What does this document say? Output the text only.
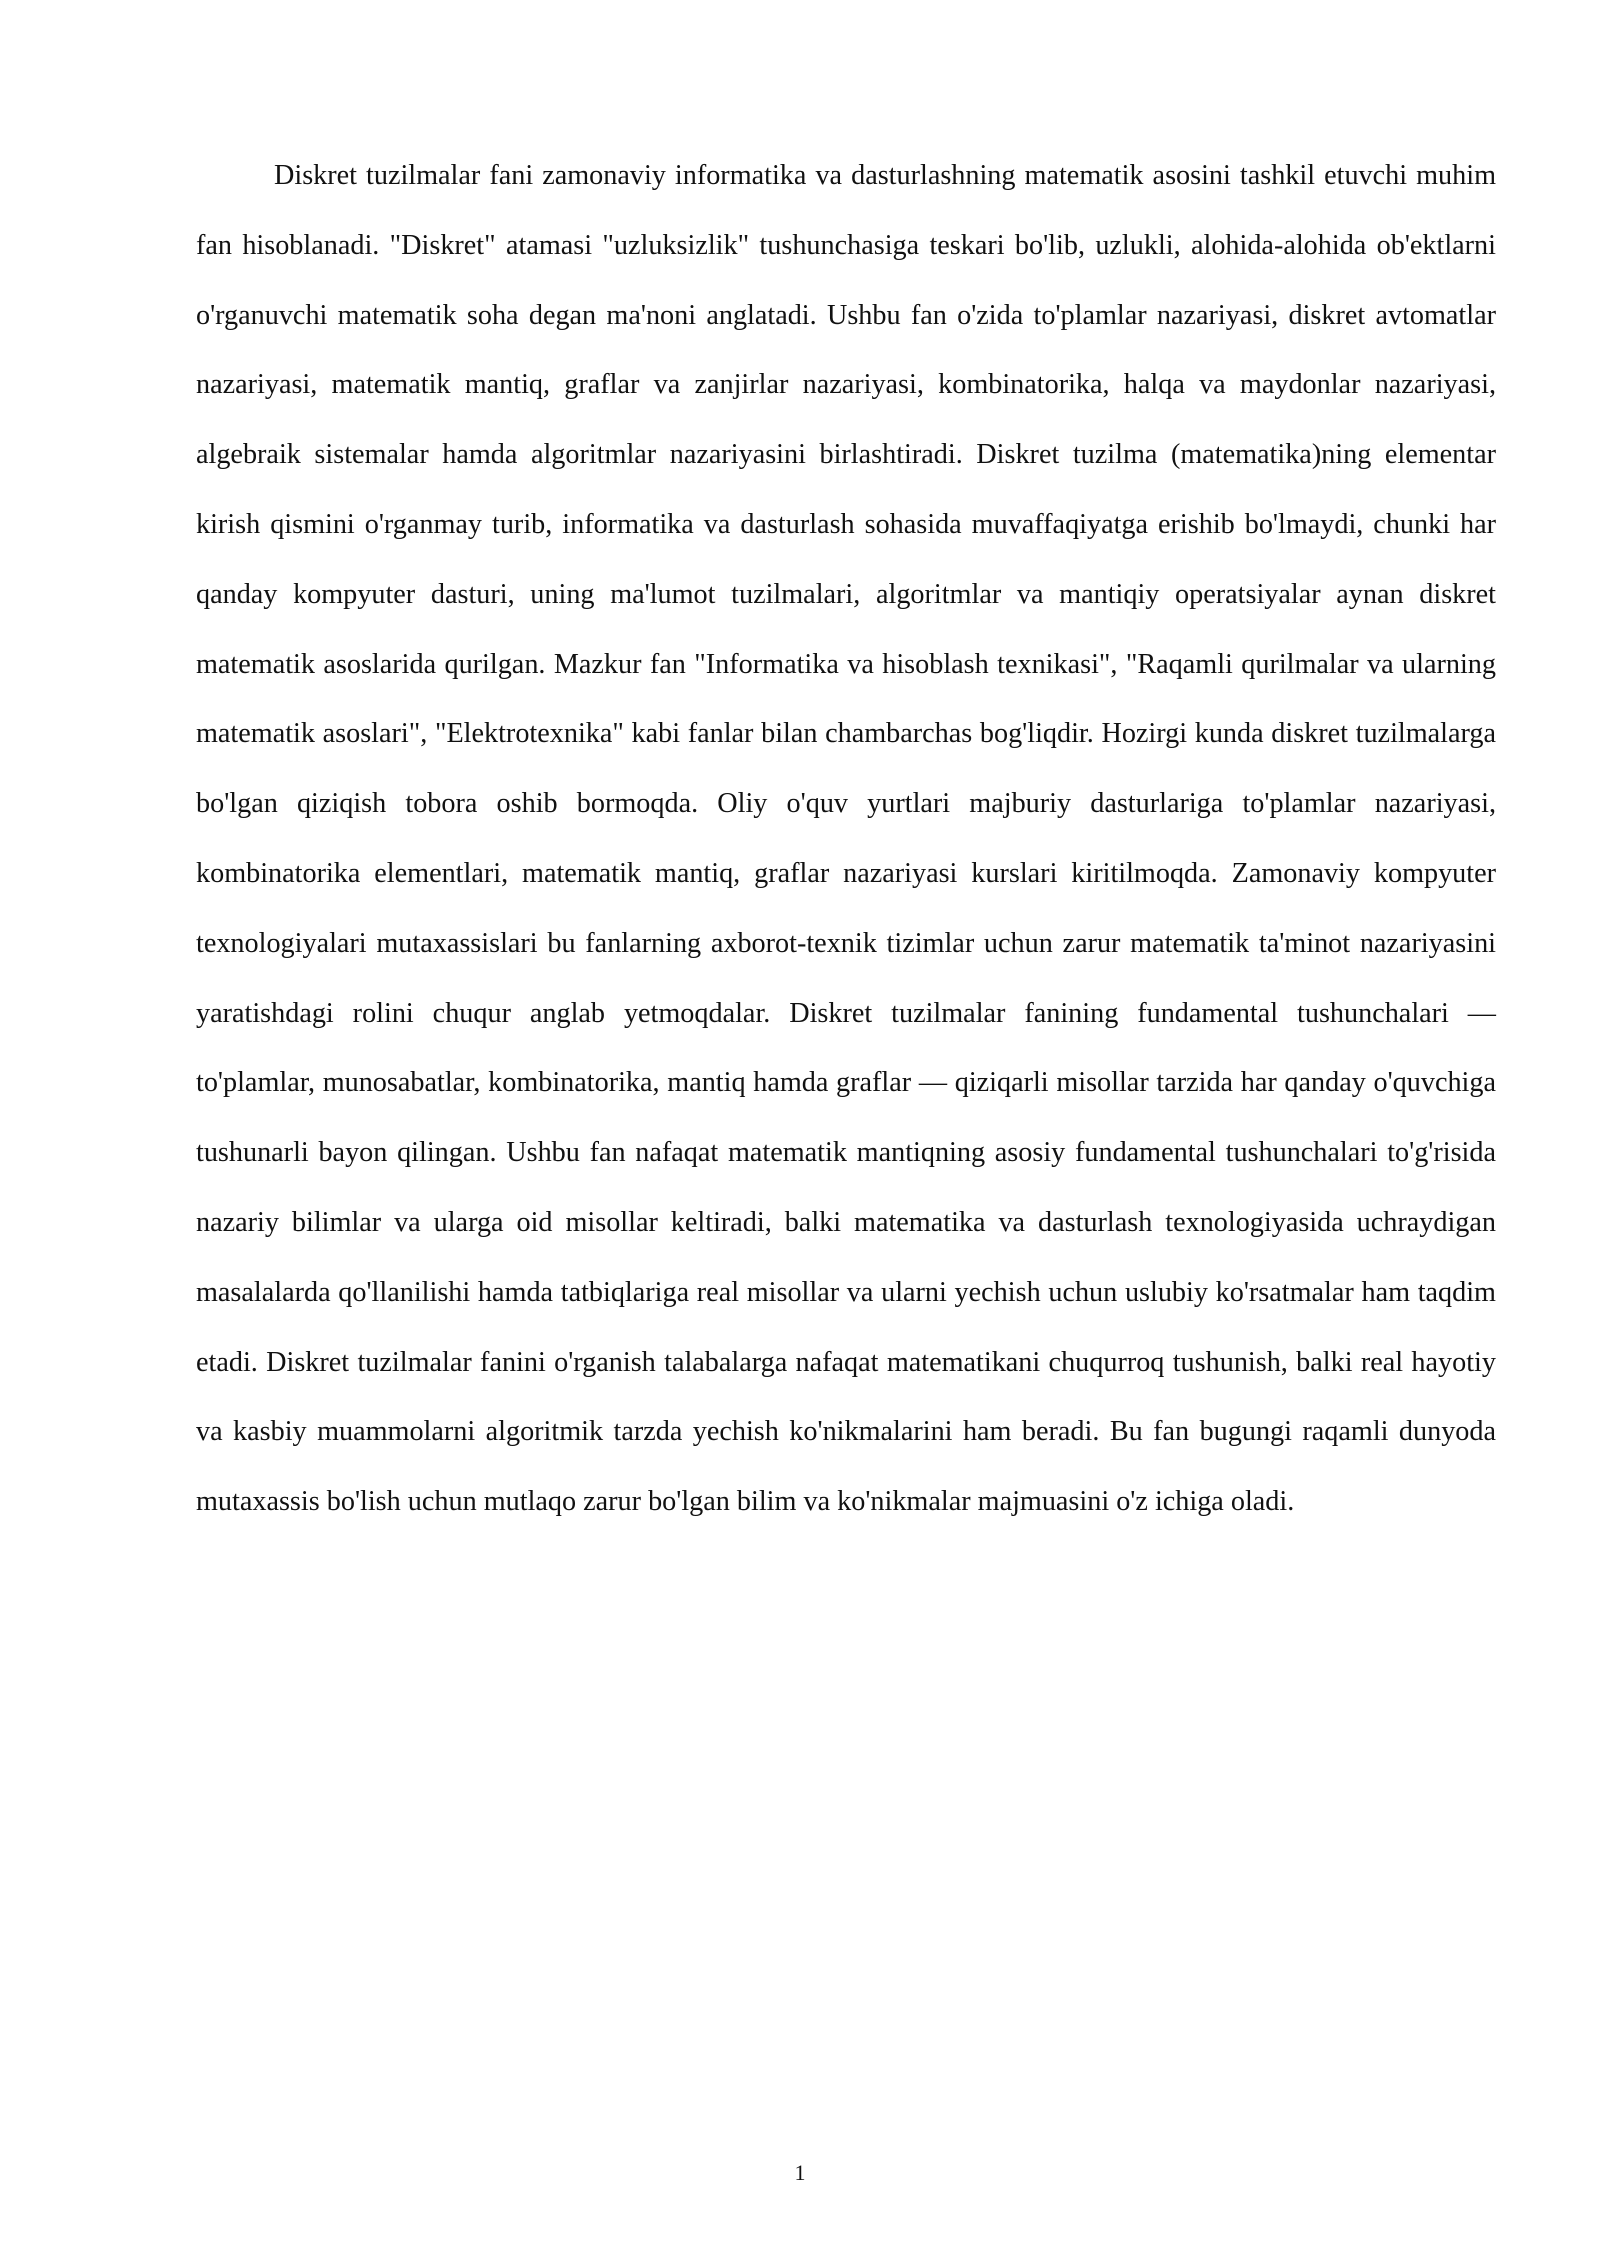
Diskret tuzilmalar fani zamonaviy informatika va dasturlashning matematik asosini tashkil etuvchi muhim fan hisoblanadi. "Diskret" atamasi "uzluksizlik" tushunchasiga teskari bo'lib, uzlukli, alohida-alohida ob'ektlarni o'rganuvchi matematik soha degan ma'noni anglatadi. Ushbu fan o'zida to'plamlar nazariyasi, diskret avtomatlar nazariyasi, matematik mantiq, graflar va zanjirlar nazariyasi, kombinatorika, halqa va maydonlar nazariyasi, algebraik sistemalar hamda algoritmlar nazariyasini birlashtiradi. Diskret tuzilma (matematika)ning elementar kirish qismini o'rganmay turib, informatika va dasturlash sohasida muvaffaqiyatga erishib bo'lmaydi, chunki har qanday kompyuter dasturi, uning ma'lumot tuzilmalari, algoritmlar va mantiqiy operatsiyalar aynan diskret matematik asoslarida qurilgan. Mazkur fan "Informatika va hisoblash texnikasi", "Raqamli qurilmalar va ularning matematik asoslari", "Elektrotexnika" kabi fanlar bilan chambarchas bog'liqdir. Hozirgi kunda diskret tuzilmalarga bo'lgan qiziqish tobora oshib bormoqda. Oliy o'quv yurtlari majburiy dasturlariga to'plamlar nazariyasi, kombinatorika elementlari, matematik mantiq, graflar nazariyasi kurslari kiritilmoqda. Zamonaviy kompyuter texnologiyalari mutaxassislari bu fanlarning axborot-texnik tizimlar uchun zarur matematik ta'minot nazariyasini yaratishdagi rolini chuqur anglab yetmoqdalar. Diskret tuzilmalar fanining fundamental tushunchalari — to'plamlar, munosabatlar, kombinatorika, mantiq hamda graflar — qiziqarli misollar tarzida har qanday o'quvchiga tushunarli bayon qilingan. Ushbu fan nafaqat matematik mantiqning asosiy fundamental tushunchalari to'g'risida nazariy bilimlar va ularga oid misollar keltiradi, balki matematika va dasturlash texnologiyasida uchraydigan masalalarda qo'llanilishi hamda tatbiqlariga real misollar va ularni yechish uchun uslubiy ko'rsatmalar ham taqdim etadi. Diskret tuzilmalar fanini o'rganish talabalarga nafaqat matematikani chuqurroq tushunish, balki real hayotiy va kasbiy muammolarni algoritmik tarzda yechish ko'nikmalarini ham beradi. Bu fan bugungi raqamli dunyoda mutaxassis bo'lish uchun mutlaqo zarur bo'lgan bilim va ko'nikmalar majmuasini o'z ichiga oladi.

1
